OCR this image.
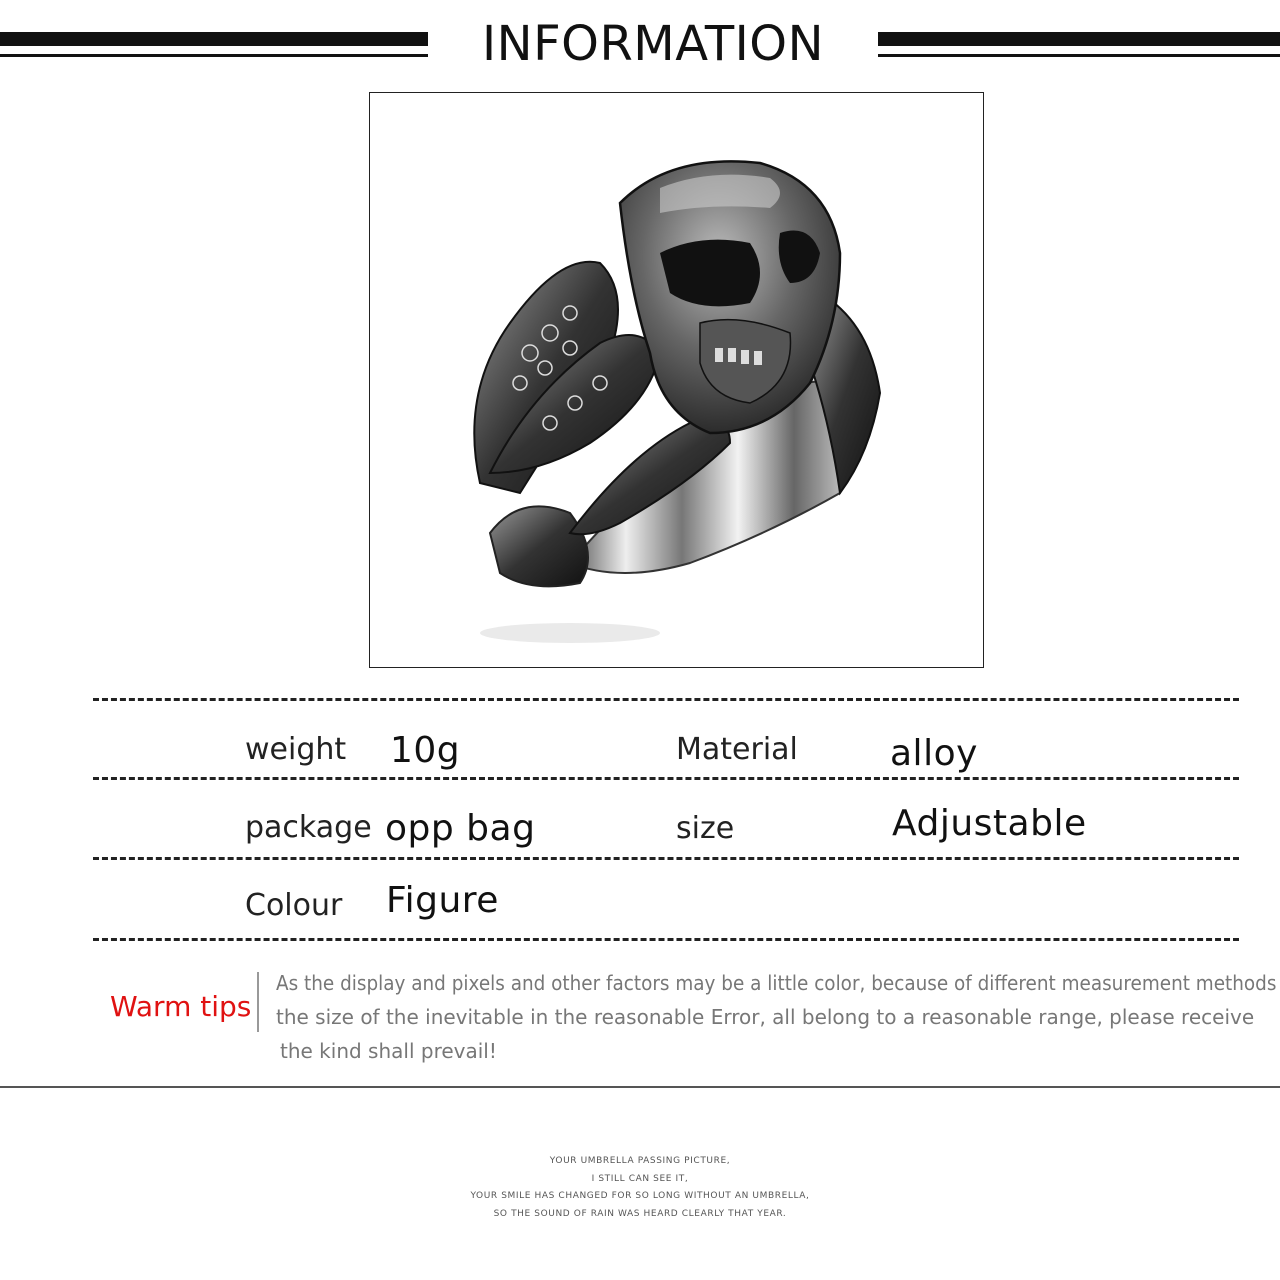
INFORMATION
weight 10g	Material	alloy
package opp bag	size	Adjustable
Colour Figure
Warm tips
As the display and pixels and other factors may be a little color, because of different measurement methods
the size of the inevitable in the reasonable Error, all belong to a reasonable range, please receive
the kind shall prevail!
YOUR UMBRELLA PASSING PICTURE,
I STILL CAN SEE IT,
YOUR SMILE HAS CHANGED FOR SO LONG WITHOUT AN UMBRELLA,
SO THE SOUND OF RAIN WAS HEARD CLEARLY THAT YEAR.
